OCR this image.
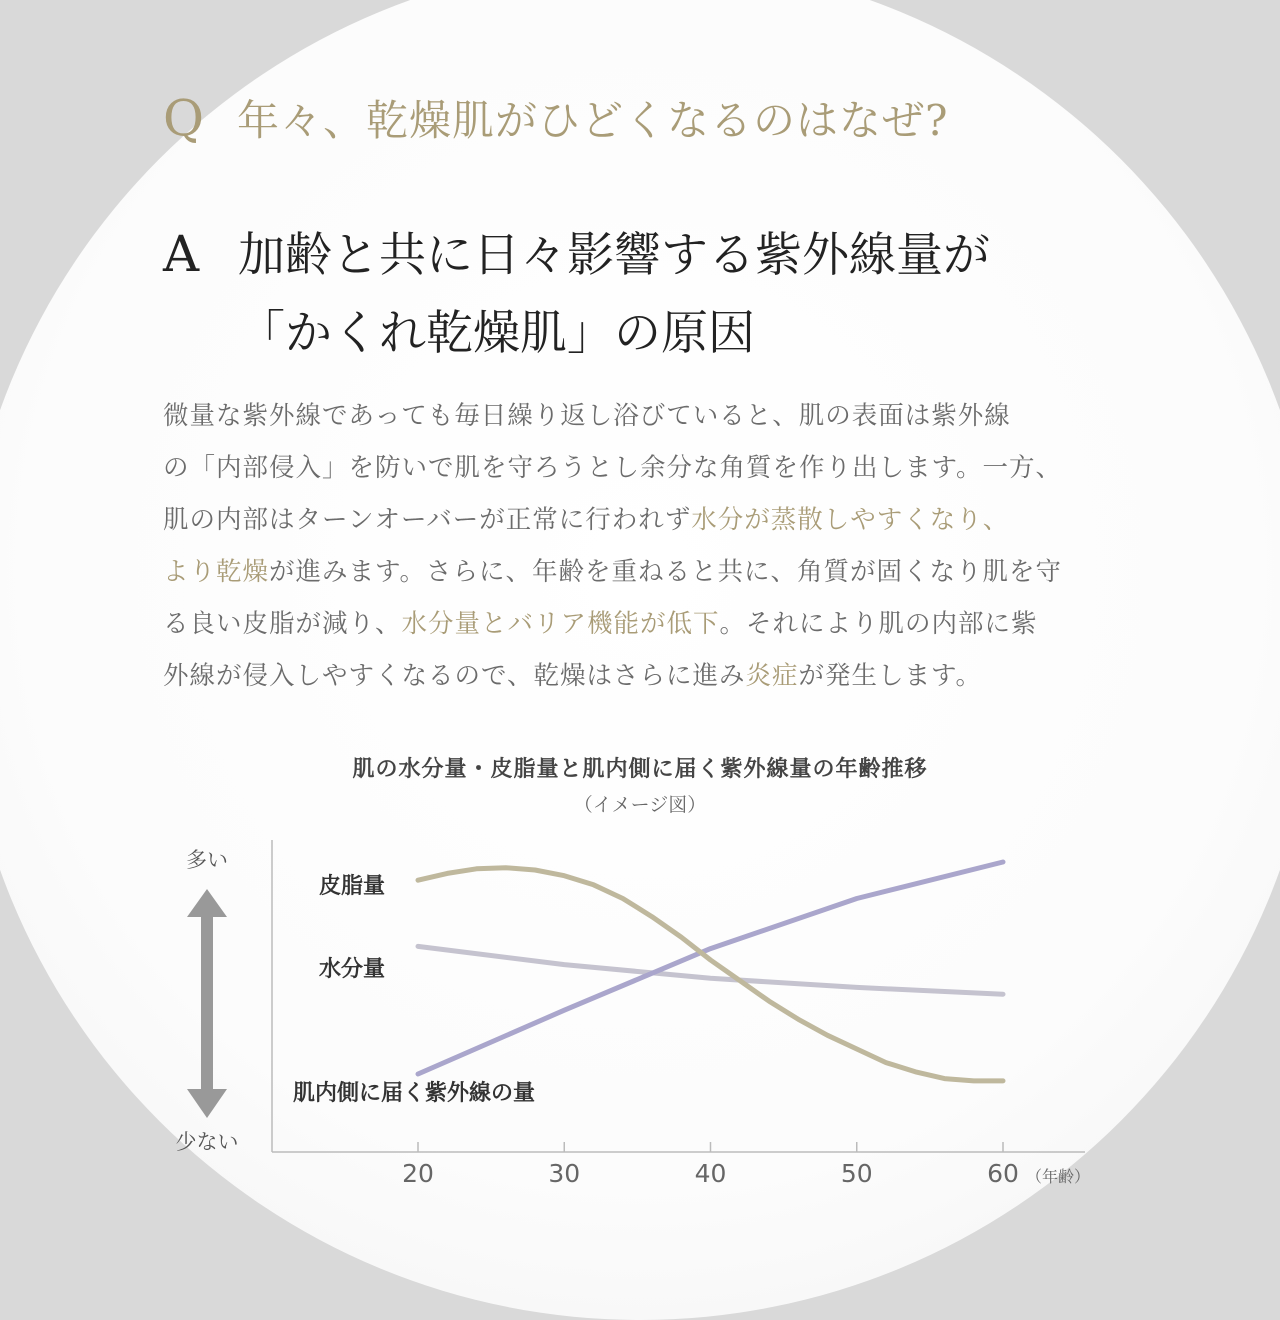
Q 年々、乾燥肌がひどくなるのはなぜ?
A 加齢と共に日々影響する紫外線量が
「かくれ乾燥肌」の原因

微量な紫外線であっても毎日繰り返し浴びていると、肌の表面は紫外線

の「内部侵入」を防いで肌を守ろうとし余分な角質を作り出します。一方、

肌の内部はターンオーバーが正常に行われず水分が蒸散しやすくなり、

より乾燥が進みます。さらに、年齢を重ねると共に、角質が固くなり肌を守

る良い皮脂が減り、水分量とバリア機能が低下。それにより肌の内部に紫

外線が侵入しやすくなるので、乾燥はさらに進み炎症が発生します。

肌の水分量・皮脂量と肌内側に届く紫外線量の年齢推移
（イメージ図）
20	30	40	50	60 （年齢）
多い
少ない
皮脂量
水分量
肌内側に届く紫外線の量
